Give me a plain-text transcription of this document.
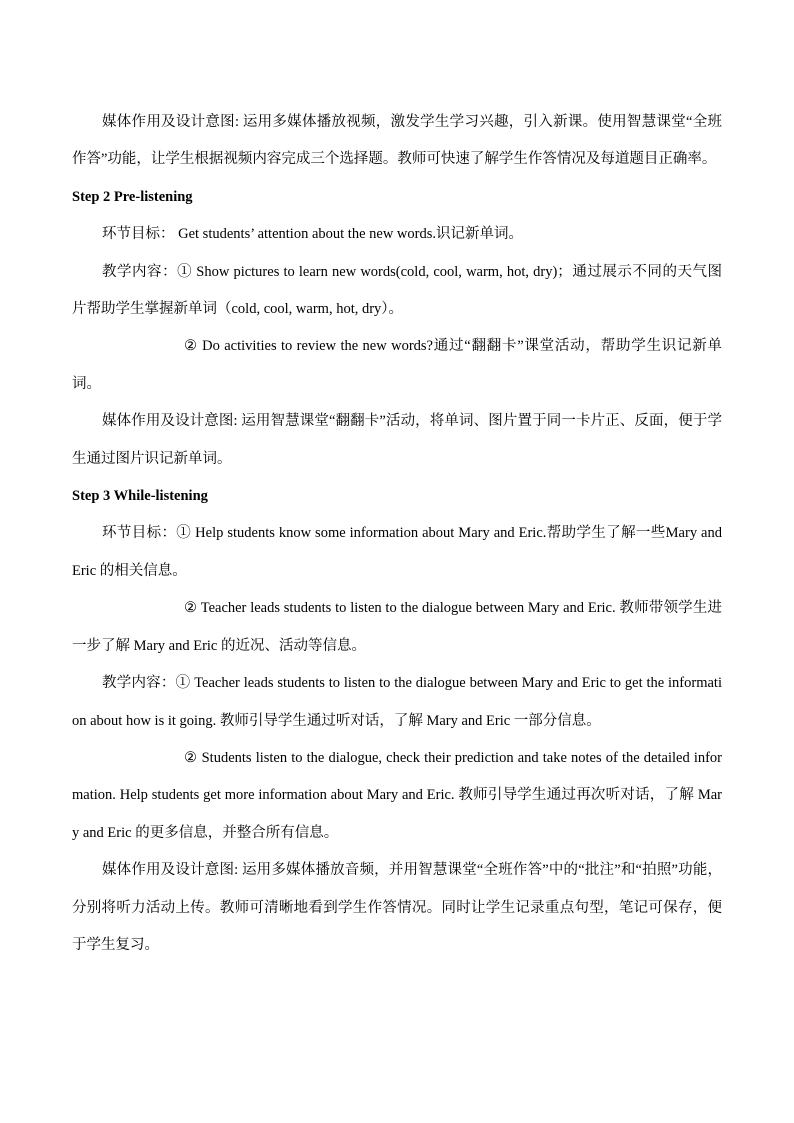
媒体作用及设计意图: 运用多媒体播放视频，激发学生学习兴趣，引入新课。使用智慧课堂“全班作答”功能，让学生根据视频内容完成三个选择题。教师可快速了解学生作答情况及每道题目正确率。

Step 2 Pre-listening

环节目标： Get students’ attention about the new words.识记新单词。

教学内容：① Show pictures to learn new words(cold, cool, warm, hot, dry)；通过展示不同的天气图片帮助学生掌握新单词（cold, cool, warm, hot, dry）。

② Do activities to review the new words?通过“翻翻卡”课堂活动，帮助学生识记新单词。

媒体作用及设计意图: 运用智慧课堂“翻翻卡”活动，将单词、图片置于同一卡片正、反面，便于学生通过图片识记新单词。

Step 3 While-listening

环节目标：① Help students know some information about Mary and Eric.帮助学生了解一些Mary and Eric 的相关信息。

② Teacher leads students to listen to the dialogue between Mary and Eric. 教师带领学生进一步了解 Mary and Eric 的近况、活动等信息。

教学内容：① Teacher leads students to listen to the dialogue between Mary and Eric to get the information about how is it going. 教师引导学生通过听对话，了解 Mary and Eric 一部分信息。

② Students listen to the dialogue, check their prediction and take notes of the detailed information. Help students get more information about Mary and Eric. 教师引导学生通过再次听对话，了解 Mary and Eric 的更多信息，并整合所有信息。

媒体作用及设计意图: 运用多媒体播放音频，并用智慧课堂“全班作答”中的“批注”和“拍照”功能，分别将听力活动上传。教师可清晰地看到学生作答情况。同时让学生记录重点句型，笔记可保存，便于学生复习。
